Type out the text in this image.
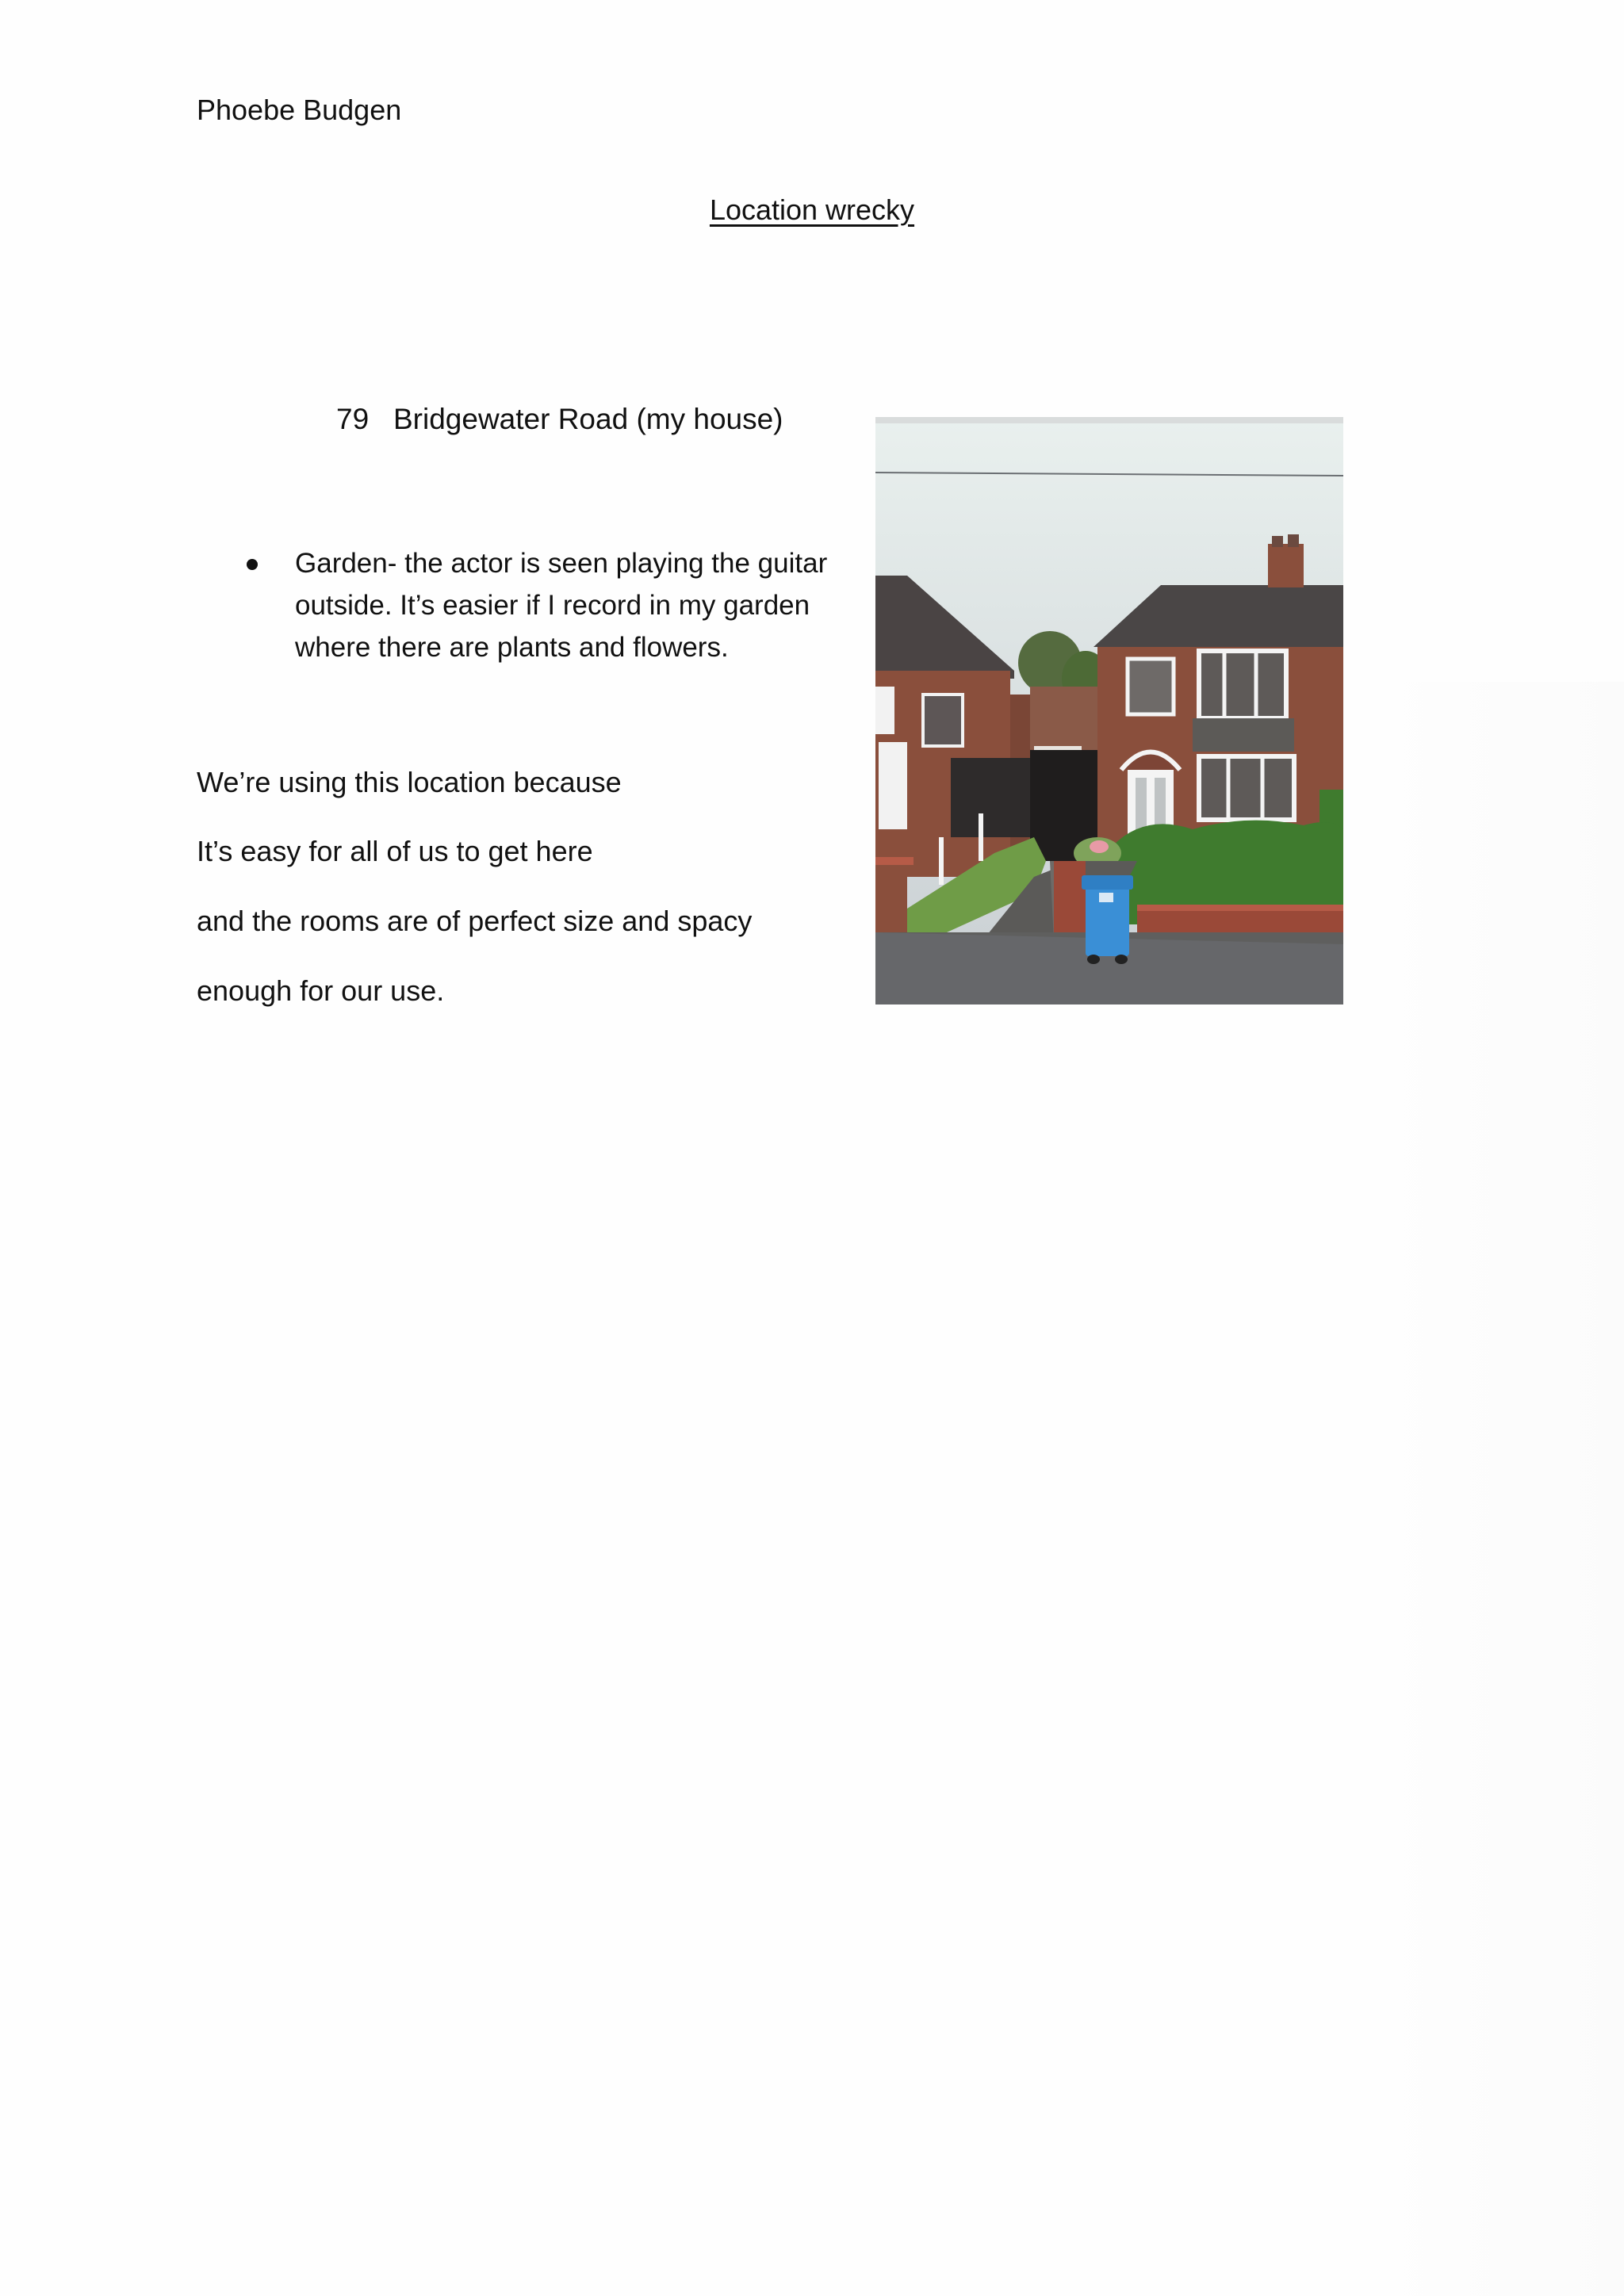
Phoebe Budgen
Location wrecky
79 Bridgewater Road (my house)
Garden- the actor is seen playing the guitar outside. It’s easier if I record in my garden where there are plants and flowers.
We’re using this location because
It’s easy for all of us to get here
and the rooms are of perfect size and spacy
enough for our use.
